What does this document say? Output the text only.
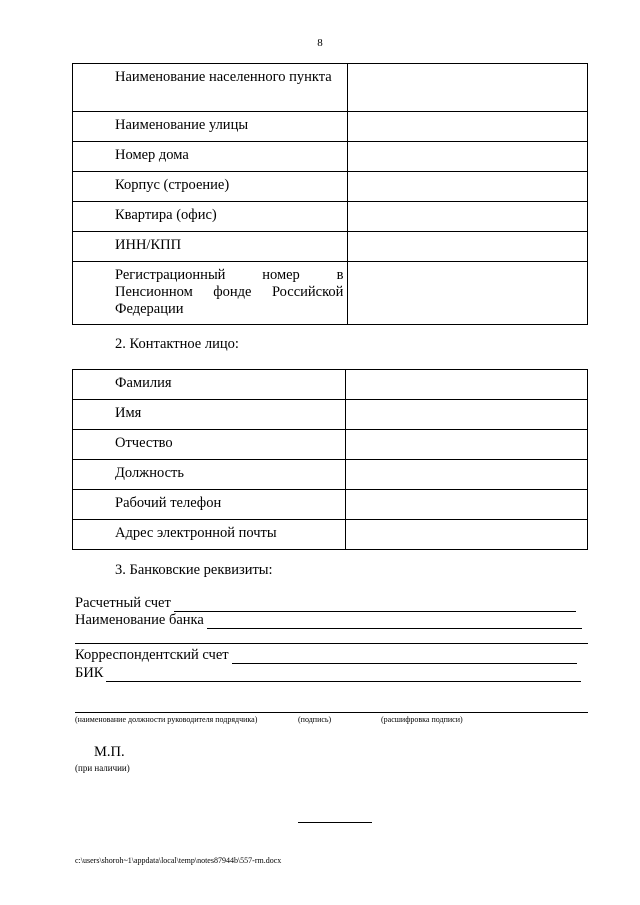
8
Наименование населенного пункта	
Наименование улицы	
Номер дома	
Корпус (строение)	
Квартира (офис)	
ИНН/КПП	
Регистрационный номер в Пенсионном фонде Российской Федерации	
2. Контактное лицо:
Фамилия	
Имя	
Отчество	
Должность	
Рабочий телефон	
Адрес электронной почты	
3. Банковские реквизиты:
Расчетный счет
Наименование банка
Корреспондентский счет
БИК
(наименование должности руководителя подрядчика)	(подпись)	(расшифровка подписи)
М.П.
(при наличии)
c:\users\shoroh~1\appdata\local\temp\notes87944b\557-rm.docx
